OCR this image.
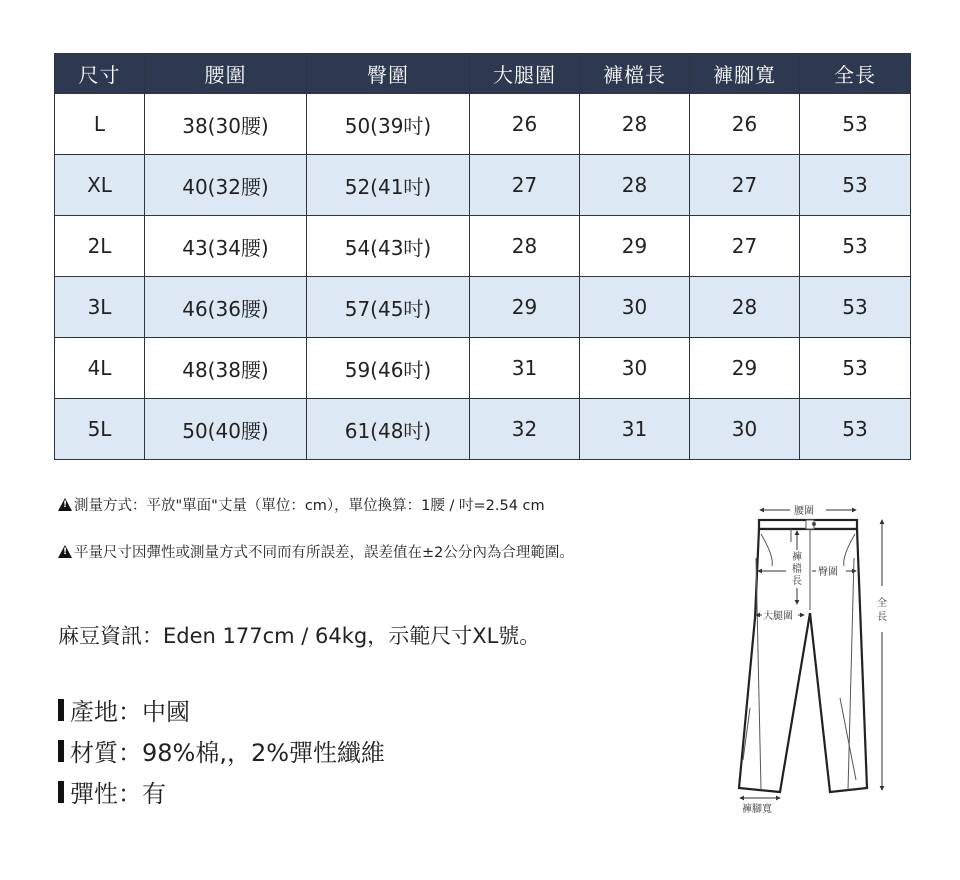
尺寸	腰圍	臀圍	大腿圍	褲檔長	褲腳寬	全長
L	38(30腰)	50(39吋)	26	28	26	53
XL	40(32腰)	52(41吋)	27	28	27	53
2L	43(34腰)	54(43吋)	28	29	27	53
3L	46(36腰)	57(45吋)	29	30	28	53
4L	48(38腰)	59(46吋)	31	30	29	53
5L	50(40腰)	61(48吋)	32	31	30	53
!測量方式：平放"單面"丈量（單位：cm），單位換算：1腰 / 吋=2.54 cm
!平量尺寸因彈性或測量方式不同而有所誤差，誤差值在±2公分內為合理範圍。
麻豆資訊：Eden 177cm / 64kg，示範尺寸XL號。
產地：中國
材質：98%棉,，2%彈性纖維
彈性：有
腰圍
褲
檔
長
臀圍
大腿圍
全
長
褲腳寬
